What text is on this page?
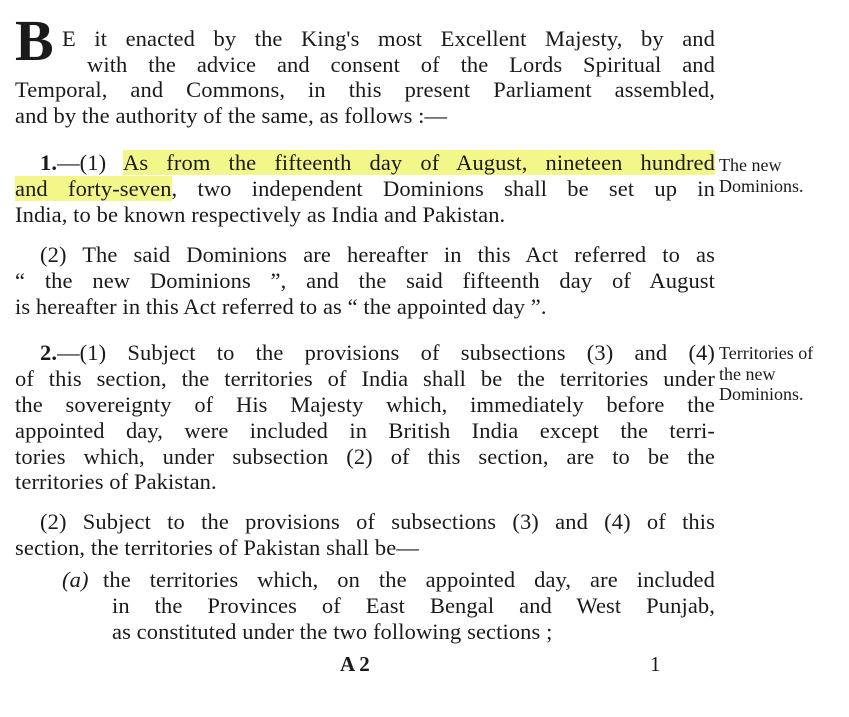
B E it enacted by the King's most Excellent Majesty, by and
with the advice and consent of the Lords Spiritual and
Temporal, and Commons, in this present Parliament assembled,
and by the authority of the same, as follows :—
1.—(1) As from the fifteenth day of August, nineteen hundred
and forty-seven, two independent Dominions shall be set up in
India, to be known respectively as India and Pakistan.
(2) The said Dominions are hereafter in this Act referred to as
“ the new Dominions ”, and the said fifteenth day of August
is hereafter in this Act referred to as “ the appointed day ”.
The new
Dominions.
2.—(1) Subject to the provisions of subsections (3) and (4)
of this section, the territories of India shall be the territories under
the sovereignty of His Majesty which, immediately before the
appointed day, were included in British India except the terri-
tories which, under subsection (2) of this section, are to be the
territories of Pakistan.
Territories of
the new
Dominions.
(2) Subject to the provisions of subsections (3) and (4) of this
section, the territories of Pakistan shall be—
(a) the territories which, on the appointed day, are included
in the Provinces of East Bengal and West Punjab,
as constituted under the two following sections ;
A 2	1
